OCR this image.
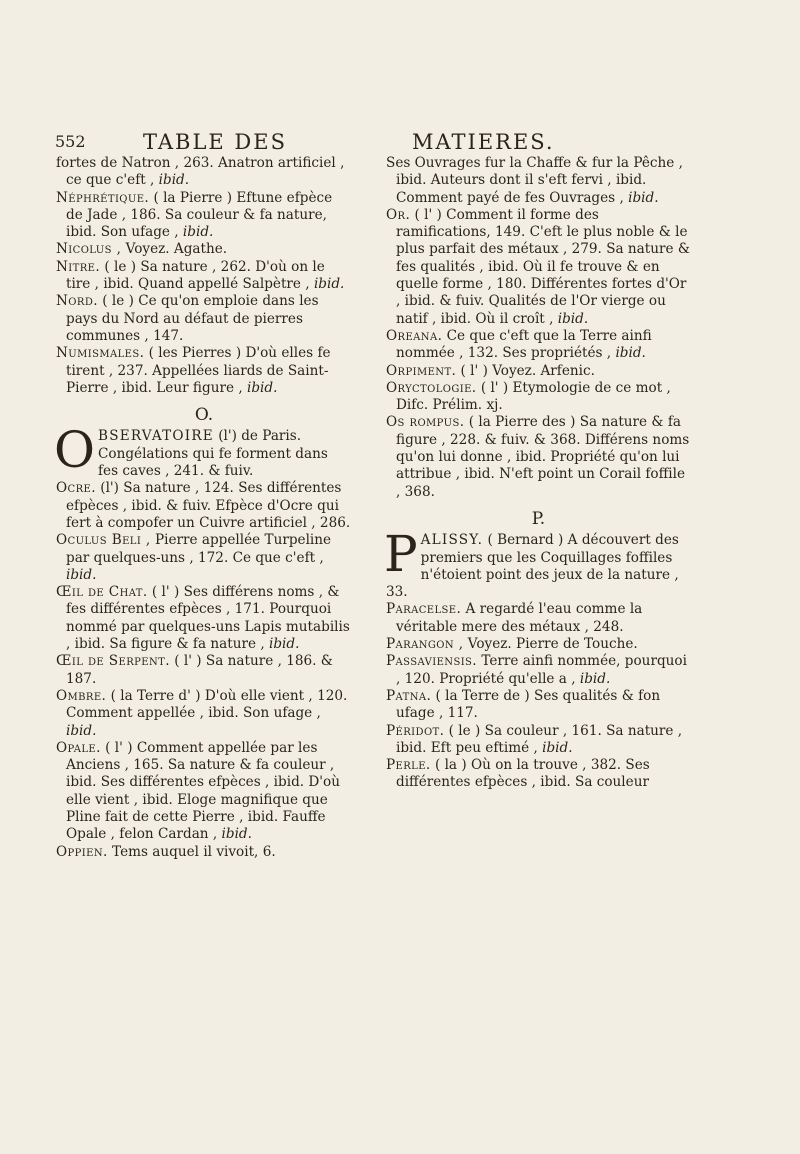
552	TABLE DES	MATIERES.

fortes de Natron , 263. Anatron artificiel , ce que c'eft , ibid.

Néphrétique. ( la Pierre ) Eftune efpèce de Jade , 186. Sa couleur & fa nature, ibid. Son ufage , ibid.

Nicolus , Voyez. Agathe.

Nitre. ( le ) Sa nature , 262. D'où on le tire , ibid. Quand appellé Salpètre , ibid.

Nord. ( le ) Ce qu'on emploie dans les pays du Nord au défaut de pierres communes , 147.

Numismales. ( les Pierres ) D'où elles fe tirent , 237. Appellées liards de Saint-Pierre , ibid. Leur figure , ibid.

O.

OBSERVATOIRE (l') de Paris. Congélations qui fe forment dans fes caves , 241. & fuiv.

Ocre. (l') Sa nature , 124. Ses différentes efpèces , ibid. & fuiv. Efpèce d'Ocre qui fert à compofer un Cuivre artificiel , 286.

Oculus Beli , Pierre appellée Turpeline par quelques-uns , 172. Ce que c'eft , ibid.

Œil de Chat. ( l' ) Ses différens noms , & fes différentes efpèces , 171. Pourquoi nommé par quelques-uns Lapis mutabilis , ibid. Sa figure & fa nature , ibid.

Œil de Serpent. ( l' ) Sa nature , 186. & 187.

Ombre. ( la Terre d' ) D'où elle vient , 120. Comment appellée , ibid. Son ufage , ibid.

Opale. ( l' ) Comment appellée par les Anciens , 165. Sa nature & fa couleur , ibid. Ses différentes efpèces , ibid. D'où elle vient , ibid. Eloge magnifique que Pline fait de cette Pierre , ibid. Fauffe Opale , felon Cardan , ibid.

Oppien. Tems auquel il vivoit, 6.

Ses Ouvrages fur la Chaffe & fur la Pêche , ibid. Auteurs dont il s'eft fervi , ibid. Comment payé de fes Ouvrages , ibid.

Or. ( l' ) Comment il forme des ramifications, 149. C'eft le plus noble & le plus parfait des métaux , 279. Sa nature & fes qualités , ibid. Où il fe trouve & en quelle forme , 180. Différentes fortes d'Or , ibid. & fuiv. Qualités de l'Or vierge ou natif , ibid. Où il croît , ibid.

Oreana. Ce que c'eft que la Terre ainfi nommée , 132. Ses propriétés , ibid.

Orpiment. ( l' ) Voyez. Arfenic.

Oryctologie. ( l' ) Etymologie de ce mot , Difc. Prélim. xj.

Os rompus. ( la Pierre des ) Sa nature & fa figure , 228. & fuiv. & 368. Différens noms qu'on lui donne , ibid. Propriété qu'on lui attribue , ibid. N'eft point un Corail foffile , 368.

P.

PALISSY. ( Bernard ) A découvert des premiers que les Coquillages foffiles n'étoient point des jeux de la nature , 33.

Paracelse. A regardé l'eau comme la véritable mere des métaux , 248.

Parangon , Voyez. Pierre de Touche.

Passaviensis. Terre ainfi nommée, pourquoi , 120. Propriété qu'elle a , ibid.

Patna. ( la Terre de ) Ses qualités & fon ufage , 117.

Péridot. ( le ) Sa couleur , 161. Sa nature , ibid. Eft peu eftimé , ibid.

Perle. ( la ) Où on la trouve , 382. Ses différentes efpèces , ibid. Sa couleur
